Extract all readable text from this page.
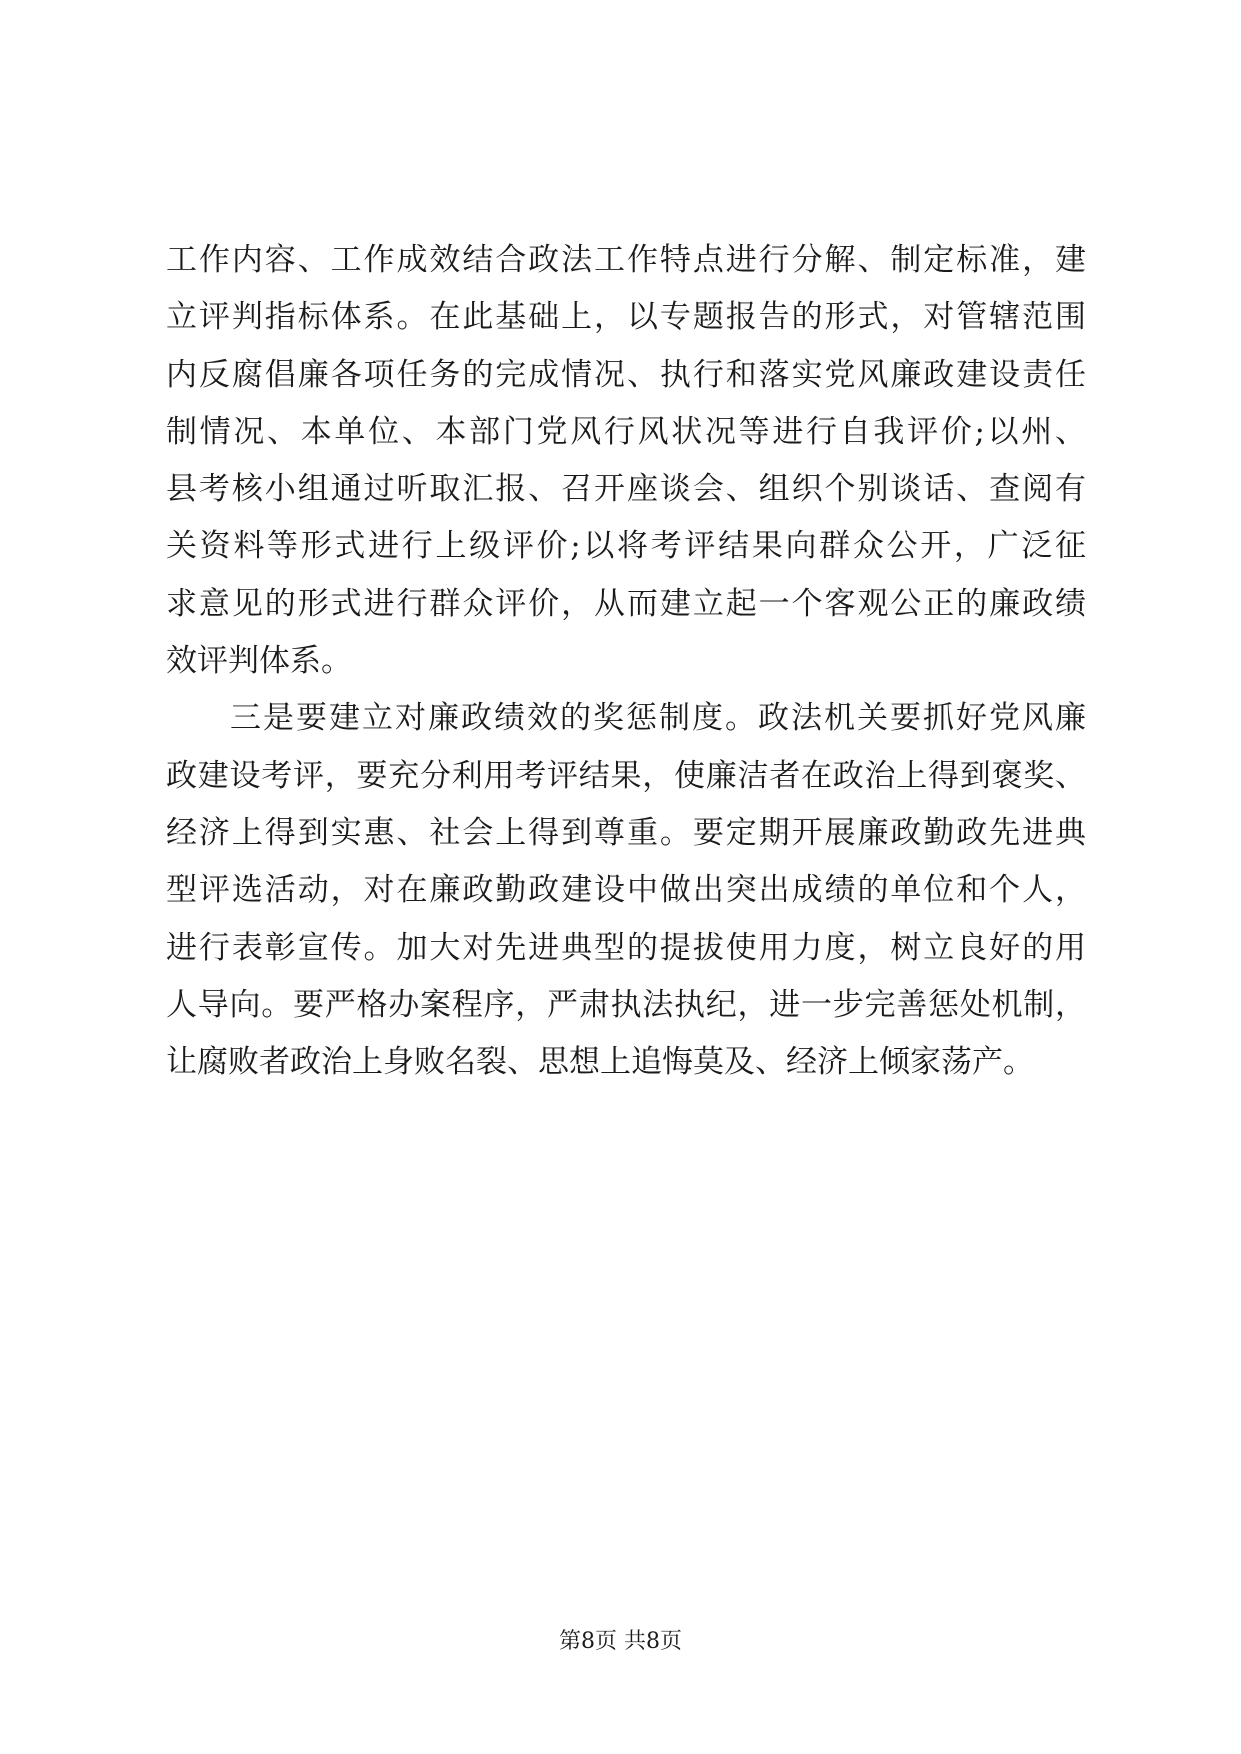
工作内容、工作成效结合政法工作特点进行分解、制定标准，建
立评判指标体系。在此基础上，以专题报告的形式，对管辖范围
内反腐倡廉各项任务的完成情况、执行和落实党风廉政建设责任
制情况、本单位、本部门党风行风状况等进行自我评价;以州、
县考核小组通过听取汇报、召开座谈会、组织个别谈话、查阅有
关资料等形式进行上级评价;以将考评结果向群众公开，广泛征
求意见的形式进行群众评价，从而建立起一个客观公正的廉政绩
效评判体系。
三是要建立对廉政绩效的奖惩制度。政法机关要抓好党风廉
政建设考评，要充分利用考评结果，使廉洁者在政治上得到褒奖、
经济上得到实惠、社会上得到尊重。要定期开展廉政勤政先进典
型评选活动，对在廉政勤政建设中做出突出成绩的单位和个人，
进行表彰宣传。加大对先进典型的提拔使用力度，树立良好的用
人导向。要严格办案程序，严肃执法执纪，进一步完善惩处机制，
让腐败者政治上身败名裂、思想上追悔莫及、经济上倾家荡产。
第8页 共8页
